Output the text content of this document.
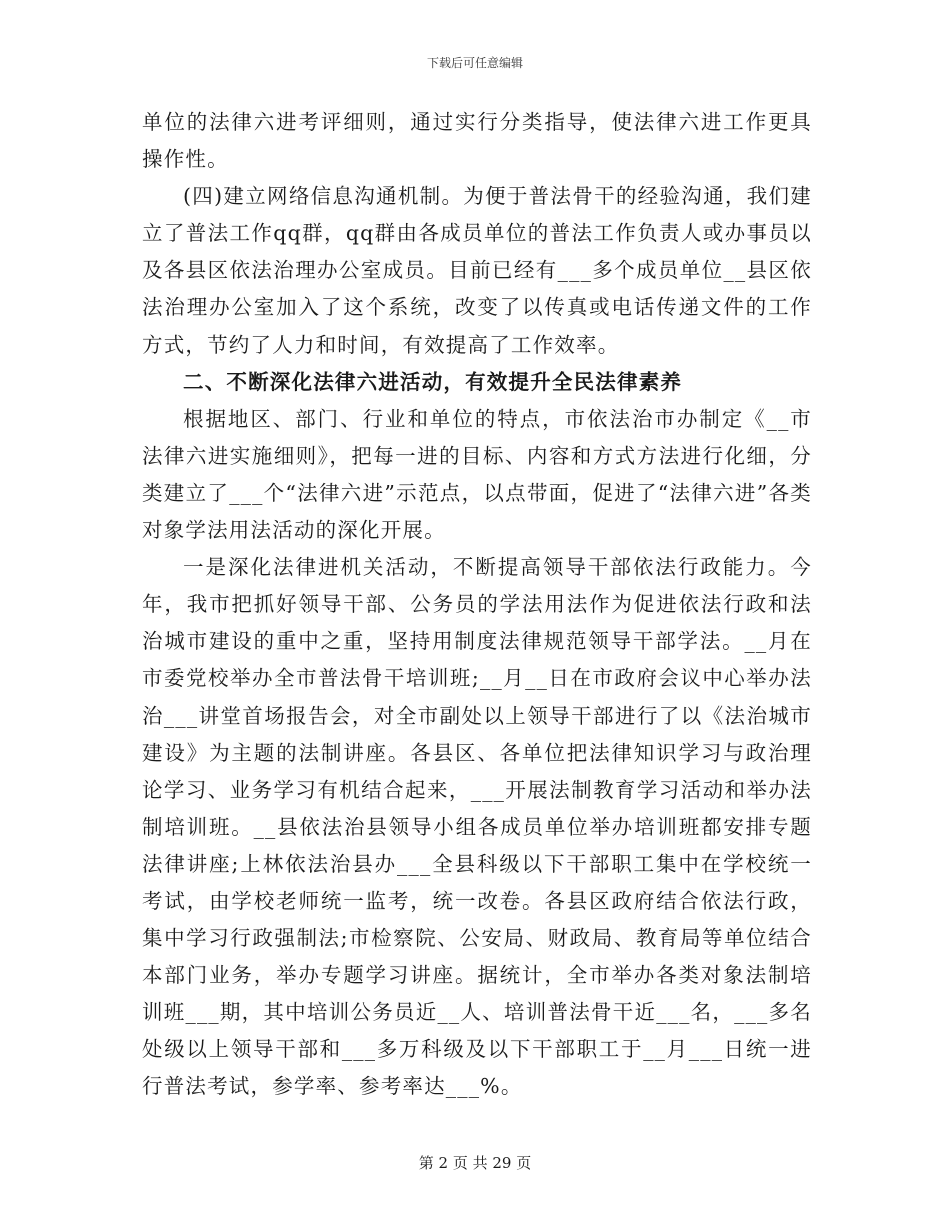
下载后可任意编辑

单位的法律六进考评细则，通过实行分类指导，使法律六进工作更具操作性。

(四)建立网络信息沟通机制。为便于普法骨干的经验沟通，我们建立了普法工作qq群，qq群由各成员单位的普法工作负责人或办事员以及各县区依法治理办公室成员。目前已经有___多个成员单位__县区依法治理办公室加入了这个系统，改变了以传真或电话传递文件的工作方式，节约了人力和时间，有效提高了工作效率。

二、不断深化法律六进活动，有效提升全民法律素养

根据地区、部门、行业和单位的特点，市依法治市办制定《__市法律六进实施细则》，把每一进的目标、内容和方式方法进行化细，分类建立了___个“法律六进”示范点，以点带面，促进了“法律六进”各类对象学法用法活动的深化开展。

一是深化法律进机关活动，不断提高领导干部依法行政能力。今年，我市把抓好领导干部、公务员的学法用法作为促进依法行政和法治城市建设的重中之重，坚持用制度法律规范领导干部学法。__月在市委党校举办全市普法骨干培训班;__月__日在市政府会议中心举办法治___讲堂首场报告会，对全市副处以上领导干部进行了以《法治城市建设》为主题的法制讲座。各县区、各单位把法律知识学习与政治理论学习、业务学习有机结合起来，___开展法制教育学习活动和举办法制培训班。__县依法治县领导小组各成员单位举办培训班都安排专题法律讲座;上林依法治县办___全县科级以下干部职工集中在学校统一考试，由学校老师统一监考，统一改卷。各县区政府结合依法行政，集中学习行政强制法;市检察院、公安局、财政局、教育局等单位结合本部门业务，举办专题学习讲座。据统计，全市举办各类对象法制培训班___期，其中培训公务员近__人、培训普法骨干近___名，___多名处级以上领导干部和___多万科级及以下干部职工于__月___日统一进行普法考试，参学率、参考率达___%。

第 2 页 共 29 页
